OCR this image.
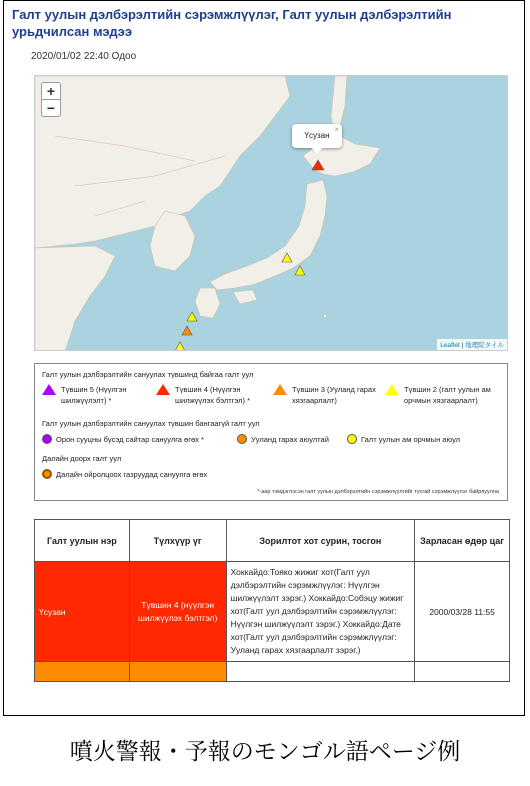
Галт уулын дэлбэрэлтийн сэрэмжлүүлэг, Галт уулын дэлбэрэлтийн урьдчилсан мэдээ
2020/01/02 22:40 Одоо
+
−
Үсузан
×
Leaflet | 地理院タイル
Галт уулын дэлбэрэлтийн сануулах түвшинд байгаа галт уул
Түвшин 5 (Нүүлгэн шилжүүлэлт) *
Түвшин 4 (Нүүлгэн шилжүүлэх бэлтгэл) *
Түвшин 3 (Ууланд гарах хязгаарлалт)
Түвшин 2 (галт уулын ам орчмын хязгаарлалт)
Галт уулын дэлбэрэлтийн сануулах түвшин бангаагүй галт уул
Орон сууцны бүсэд сайтар сануулга өгөх *	Ууланд гарах аюултай	Галт уулын ам орчмын аюул
Далайн доорх галт уул
Далайн ойролцоох газруудад сануулга өгөх
*-аар тэмдэглэсэн галт уулын дэлбэрэлтийн сэрэмжлүүлгийг тусгай сэрэмжлүүлэг байрлуулна
Галт уулын нэр	Түлхүүр үг	Зорилтот хот сурин, тосгон	Зарласан өдөр цаг
Үсузан	Түвшин 4 (нүүлгэн шилжүүлэх бэлтгэл)	Хоккайдо:Тояко жижиг хот(Галт уул дэлбэрэлтийн сэрэмжлүүлэг: Нүүлгэн шилжүүлэлт зэрэг.) Хоккайдо:Собэцу жижиг хот(Галт уул дэлбэрэлтийн сэрэмжлүүлэг: Нүүлгэн шилжүүлэлт зэрэг.) Хоккайдо:Дате хот(Галт уул дэлбэрэлтийн сэрэмжлүүлэг: Ууланд гарах хязгаарлалт зэрэг.)	2000/03/28 11:55

噴火警報・予報のモンゴル語ページ例
